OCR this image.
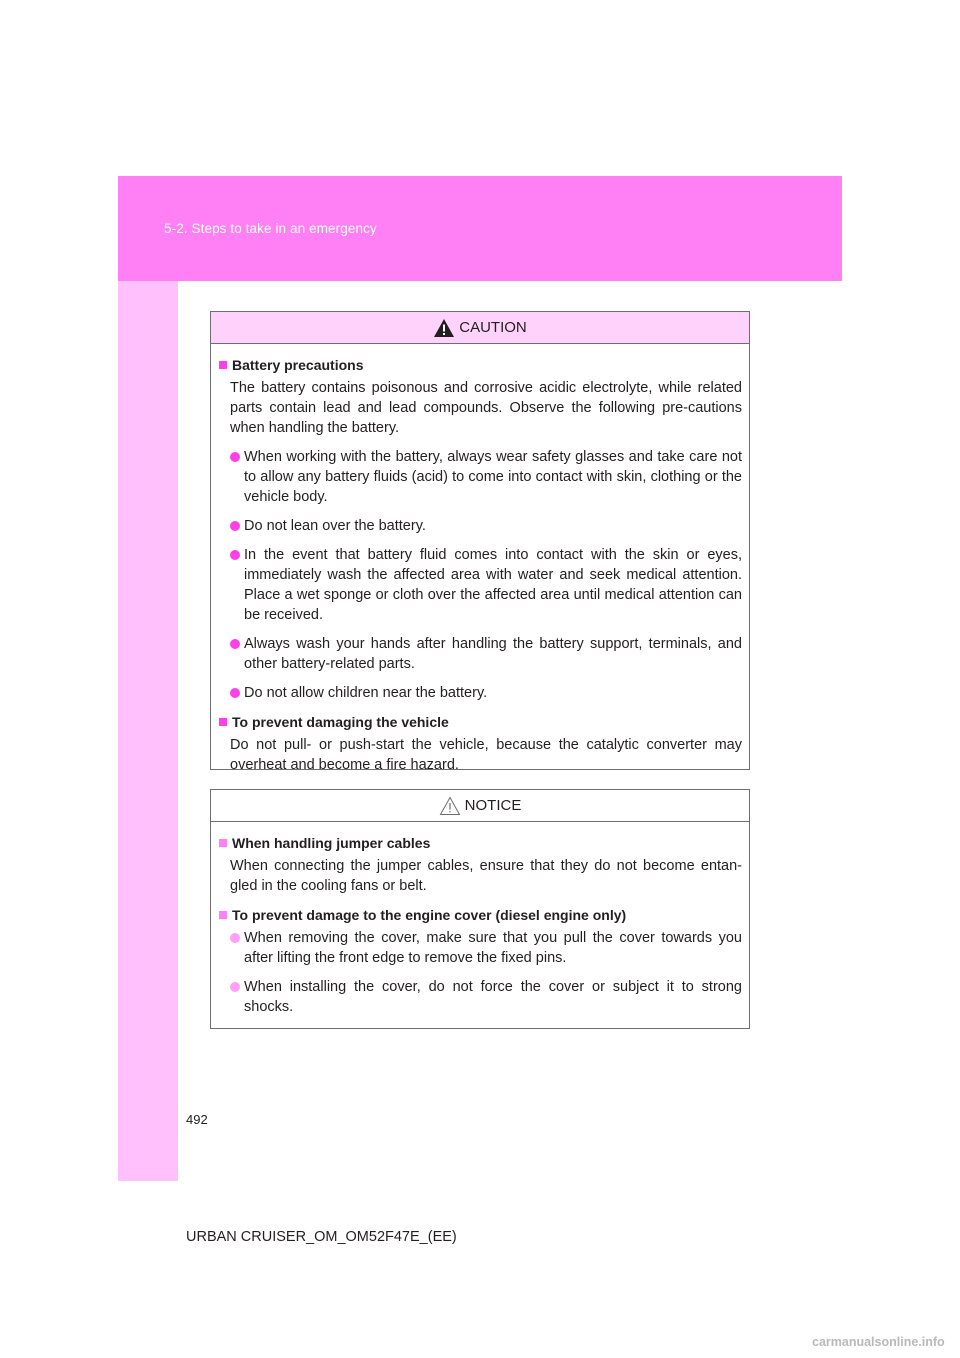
5-2. Steps to take in an emergency
CAUTION
Battery precautions
The battery contains poisonous and corrosive acidic electrolyte, while related parts contain lead and lead compounds. Observe the following pre-cautions when handling the battery.
When working with the battery, always wear safety glasses and take care not to allow any battery fluids (acid) to come into contact with skin, clothing or the vehicle body.
Do not lean over the battery.
In the event that battery fluid comes into contact with the skin or eyes, immediately wash the affected area with water and seek medical attention. Place a wet sponge or cloth over the affected area until medical attention can be received.
Always wash your hands after handling the battery support, terminals, and other battery-related parts.
Do not allow children near the battery.
To prevent damaging the vehicle
Do not pull- or push-start the vehicle, because the catalytic converter may overheat and become a fire hazard.
NOTICE
When handling jumper cables
When connecting the jumper cables, ensure that they do not become entan-gled in the cooling fans or belt.
To prevent damage to the engine cover (diesel engine only)
When removing the cover, make sure that you pull the cover towards you after lifting the front edge to remove the fixed pins.
When installing the cover, do not force the cover or subject it to strong shocks.
492
URBAN CRUISER_OM_OM52F47E_(EE)
carmanualsonline.info
